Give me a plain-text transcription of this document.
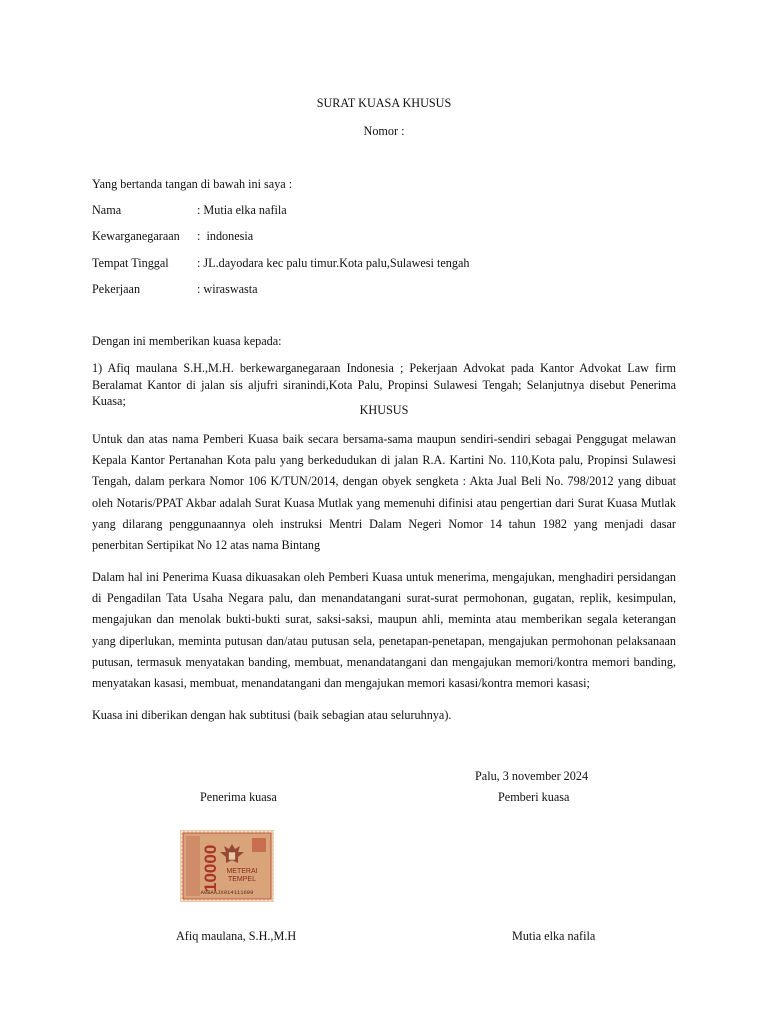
SURAT KUASA KHUSUS
Nomor :
Yang bertanda tangan di bawah ini saya :
Nama	: Mutia elka nafila
Kewarganegaraan :  indonesia
Tempat Tinggal : JL.dayodara kec palu timur.Kota palu,Sulawesi tengah
Pekerjaan	: wiraswasta
Dengan ini memberikan kuasa kepada:
1) Afiq maulana S.H.,M.H. berkewarganegaraan Indonesia ; Pekerjaan Advokat pada Kantor Advokat Law firm Beralamat Kantor di jalan sis aljufri siranindi,Kota Palu, Propinsi Sulawesi Tengah; Selanjutnya disebut Penerima Kuasa;
KHUSUS
Untuk dan atas nama Pemberi Kuasa baik secara bersama-sama maupun sendiri-sendiri sebagai Penggugat melawan Kepala Kantor Pertanahan Kota palu yang berkedudukan di jalan R.A. Kartini No. 110,Kota palu, Propinsi Sulawesi Tengah, dalam perkara Nomor 106 K/TUN/2014, dengan obyek sengketa : Akta Jual Beli No. 798/2012 yang dibuat oleh Notaris/PPAT Akbar adalah Surat Kuasa Mutlak yang memenuhi difinisi atau pengertian dari Surat Kuasa Mutlak yang dilarang penggunaannya oleh instruksi Mentri Dalam Negeri Nomor 14 tahun 1982 yang menjadi dasar penerbitan Sertipikat No 12 atas nama Bintang
Dalam hal ini Penerima Kuasa dikuasakan oleh Pemberi Kuasa untuk menerima, mengajukan, menghadiri persidangan di Pengadilan Tata Usaha Negara palu, dan menandatangani surat-surat permohonan, gugatan, replik, kesimpulan, mengajukan dan menolak bukti-bukti surat, saksi-saksi, maupun ahli, meminta atau memberikan segala keterangan yang diperlukan, meminta putusan dan/atau putusan sela, penetapan-penetapan, mengajukan permohonan pelaksanaan putusan, termasuk menyatakan banding, membuat, menandatangani dan mengajukan memori/kontra memori banding, menyatakan kasasi, membuat, menandatangani dan mengajukan memori kasasi/kontra memori kasasi;
Kuasa ini diberikan dengan hak subtitusi (baik sebagian atau seluruhnya).
Palu, 3 november 2024
Penerima kuasa	Pemberi kuasa
10000 METERAI
TEMPEL
A0BAAJX014111699
Afiq maulana, S.H.,M.H	Mutia elka nafila
